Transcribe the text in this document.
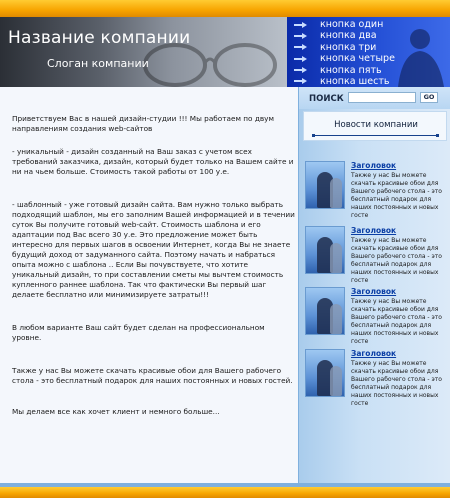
Название компании
Слоган компании
кнопка один
кнопка два
кнопка три
кнопка четыре
кнопка пять
кнопка шесть

Приветствуем Вас в нашей дизайн-студии !!! Мы работаем по двум направлениям создания web-сайтов

- уникальный - дизайн созданный на Ваш заказ с учетом всех требований заказчика, дизайн, который будет только на Вашем сайте и ни на чьем больше. Стоимость такой работы от 100 у.е.

- шаблонный - уже готовый дизайн сайта. Вам нужно только выбрать подходящий шаблон, мы его заполним Вашей информацией и в течении суток Вы получите готовый web-сайт. Стоимость шаблона и его адаптации под Вас всего 30 у.е. Это предложение может быть интересно для первых шагов в освоении Интернет, когда Вы не знаете будущий доход от задуманного сайта. Поэтому начать и набраться опыта можно с шаблона .. Если Вы почувствуете, что хотите уникальный дизайн, то при составлении сметы мы вычтем стоимость купленного раннее шаблона. Так что фактически Вы первый шаг делаете бесплатно или минимизируете затраты!!!

В любом варианте Ваш сайт будет сделан на профессиональном уровне.

Также у нас Вы можете скачать красивые обои для Вашего рабочего стола - это бесплатный подарок для наших постоянных и новых гостей.

Мы делаем все как хочет клиент и немного больше...

ПОИСК	GO
Новости компании
Заголовок
Также у нас Вы можете скачать красивые обои для Вашего рабочего стола - это бесплатный подарок для наших постоянных и новых госте
Заголовок
Также у нас Вы можете скачать красивые обои для Вашего рабочего стола - это бесплатный подарок для наших постоянных и новых госте
Заголовок
Также у нас Вы можете скачать красивые обои для Вашего рабочего стола - это бесплатный подарок для наших постоянных и новых госте
Заголовок
Также у нас Вы можете скачать красивые обои для Вашего рабочего стола - это бесплатный подарок для наших постоянных и новых госте
